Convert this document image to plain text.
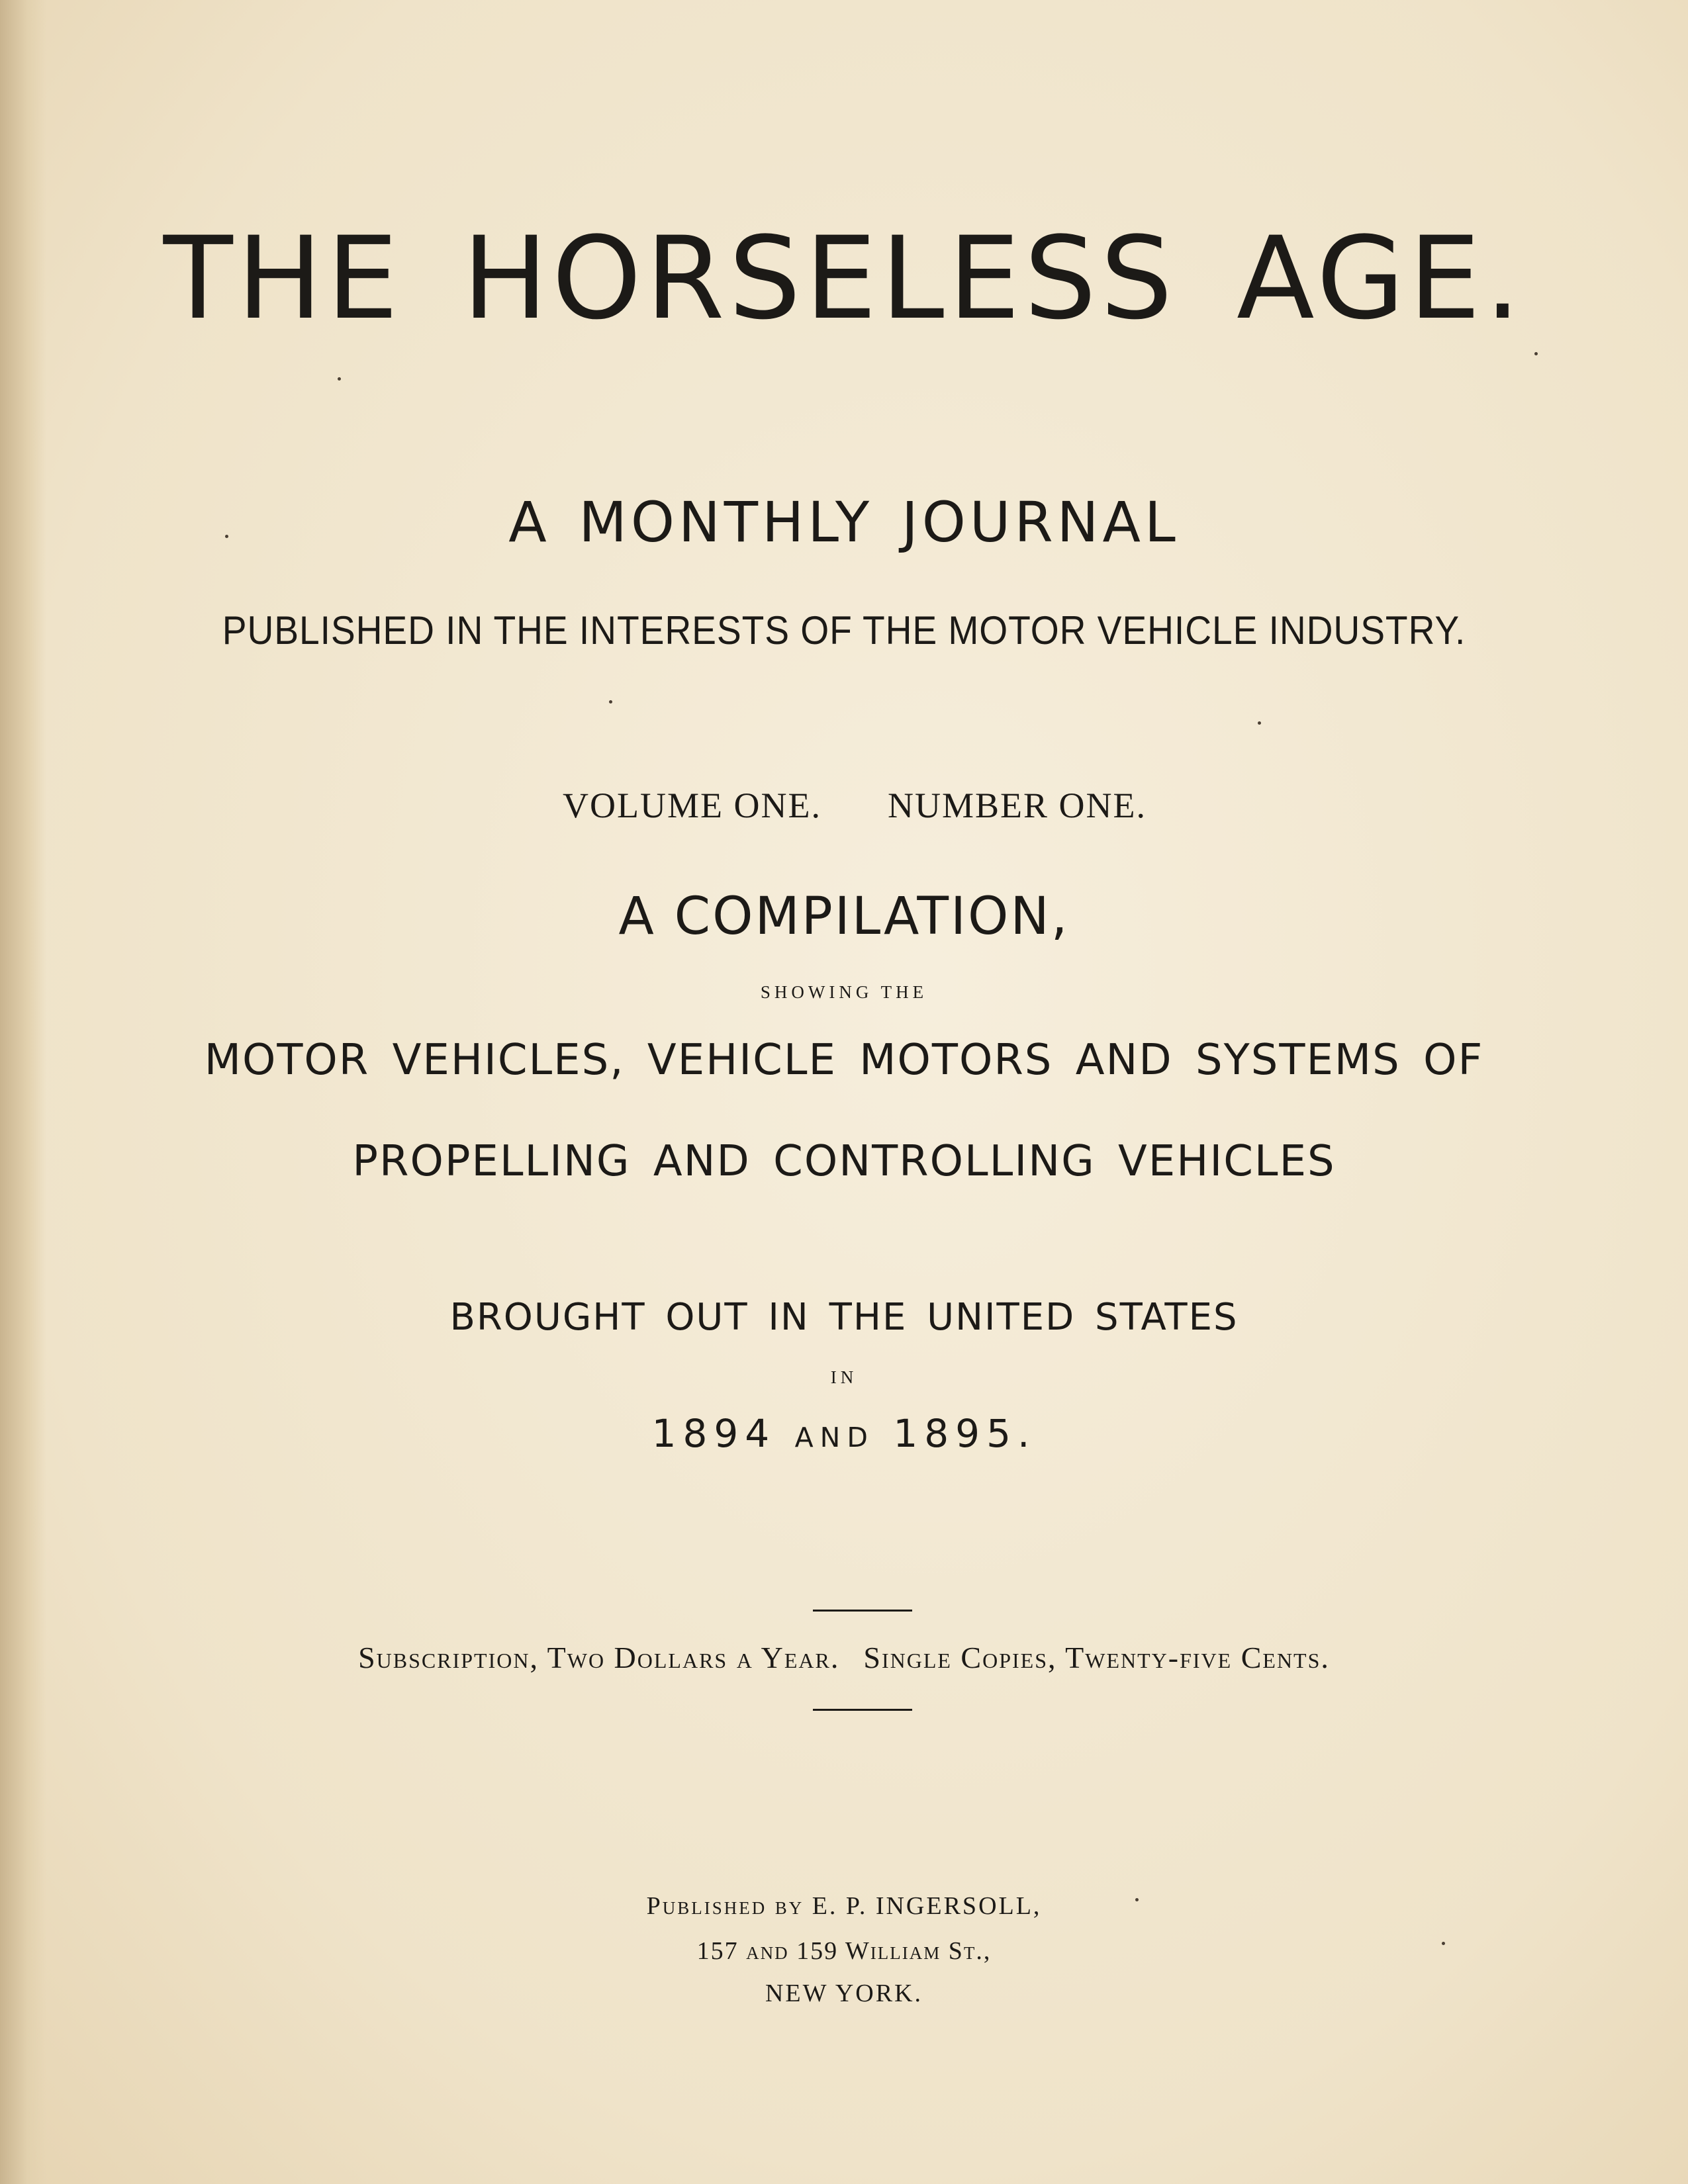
THE HORSELESS AGE.
A MONTHLY JOURNAL
PUBLISHED IN THE INTERESTS OF THE MOTOR VEHICLE INDUSTRY.
VOLUME ONE. NUMBER ONE.
A COMPILATION,
SHOWING THE
MOTOR VEHICLES, VEHICLE MOTORS AND SYSTEMS OF
PROPELLING AND CONTROLLING VEHICLES
BROUGHT OUT IN THE UNITED STATES
IN
1894 and 1895.
Subscription, Two Dollars a Year. Single Copies, Twenty-five Cents.
Published by E. P. INGERSOLL,
157 and 159 William St.,
NEW YORK.
